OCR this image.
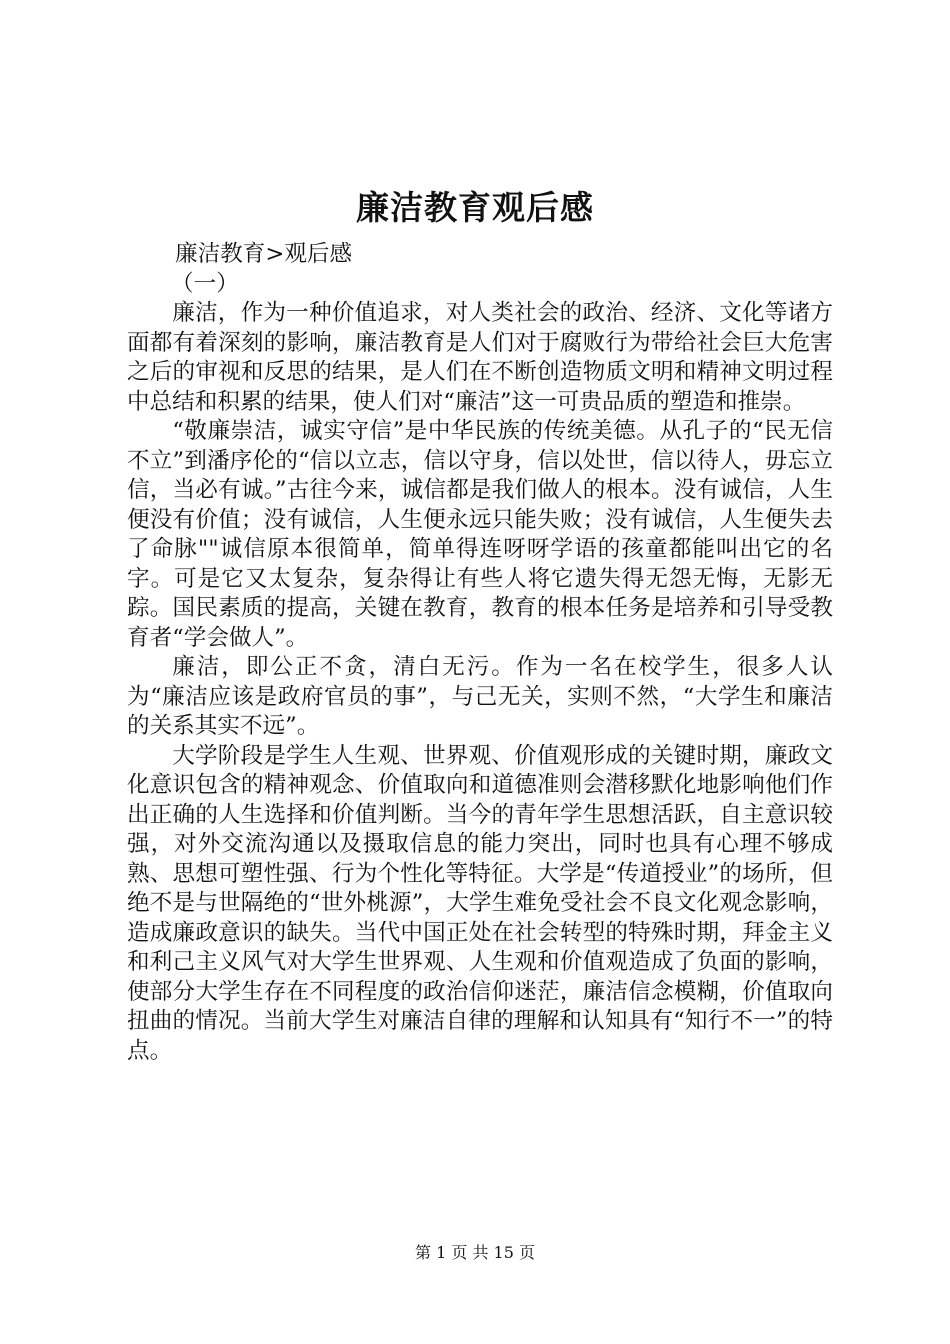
廉洁教育观后感

廉洁教育>观后感

（一）

廉洁，作为一种价值追求，对人类社会的政治、经济、文化等诸方面都有着深刻的影响，廉洁教育是人们对于腐败行为带给社会巨大危害之后的审视和反思的结果，是人们在不断创造物质文明和精神文明过程中总结和积累的结果，使人们对“廉洁”这一可贵品质的塑造和推崇。

“敬廉崇洁，诚实守信”是中华民族的传统美德。从孔子的“民无信不立”到潘序伦的“信以立志，信以守身，信以处世，信以待人，毋忘立信，当必有诚。”古往今来，诚信都是我们做人的根本。没有诚信，人生便没有价值；没有诚信，人生便永远只能失败；没有诚信，人生便失去了命脉""诚信原本很简单，简单得连呀呀学语的孩童都能叫出它的名字。可是它又太复杂，复杂得让有些人将它遗失得无怨无悔，无影无踪。国民素质的提高，关键在教育，教育的根本任务是培养和引导受教育者“学会做人”。

廉洁，即公正不贪，清白无污。作为一名在校学生，很多人认为“廉洁应该是政府官员的事”，与己无关，实则不然，“大学生和廉洁的关系其实不远”。

大学阶段是学生人生观、世界观、价值观形成的关键时期，廉政文化意识包含的精神观念、价值取向和道德准则会潜移默化地影响他们作出正确的人生选择和价值判断。当今的青年学生思想活跃，自主意识较强，对外交流沟通以及摄取信息的能力突出，同时也具有心理不够成熟、思想可塑性强、行为个性化等特征。大学是“传道授业”的场所，但绝不是与世隔绝的“世外桃源”，大学生难免受社会不良文化观念影响，造成廉政意识的缺失。当代中国正处在社会转型的特殊时期，拜金主义和利己主义风气对大学生世界观、人生观和价值观造成了负面的影响，使部分大学生存在不同程度的政治信仰迷茫，廉洁信念模糊，价值取向扭曲的情况。当前大学生对廉洁自律的理解和认知具有“知行不一”的特点。

第 1 页 共 15 页
